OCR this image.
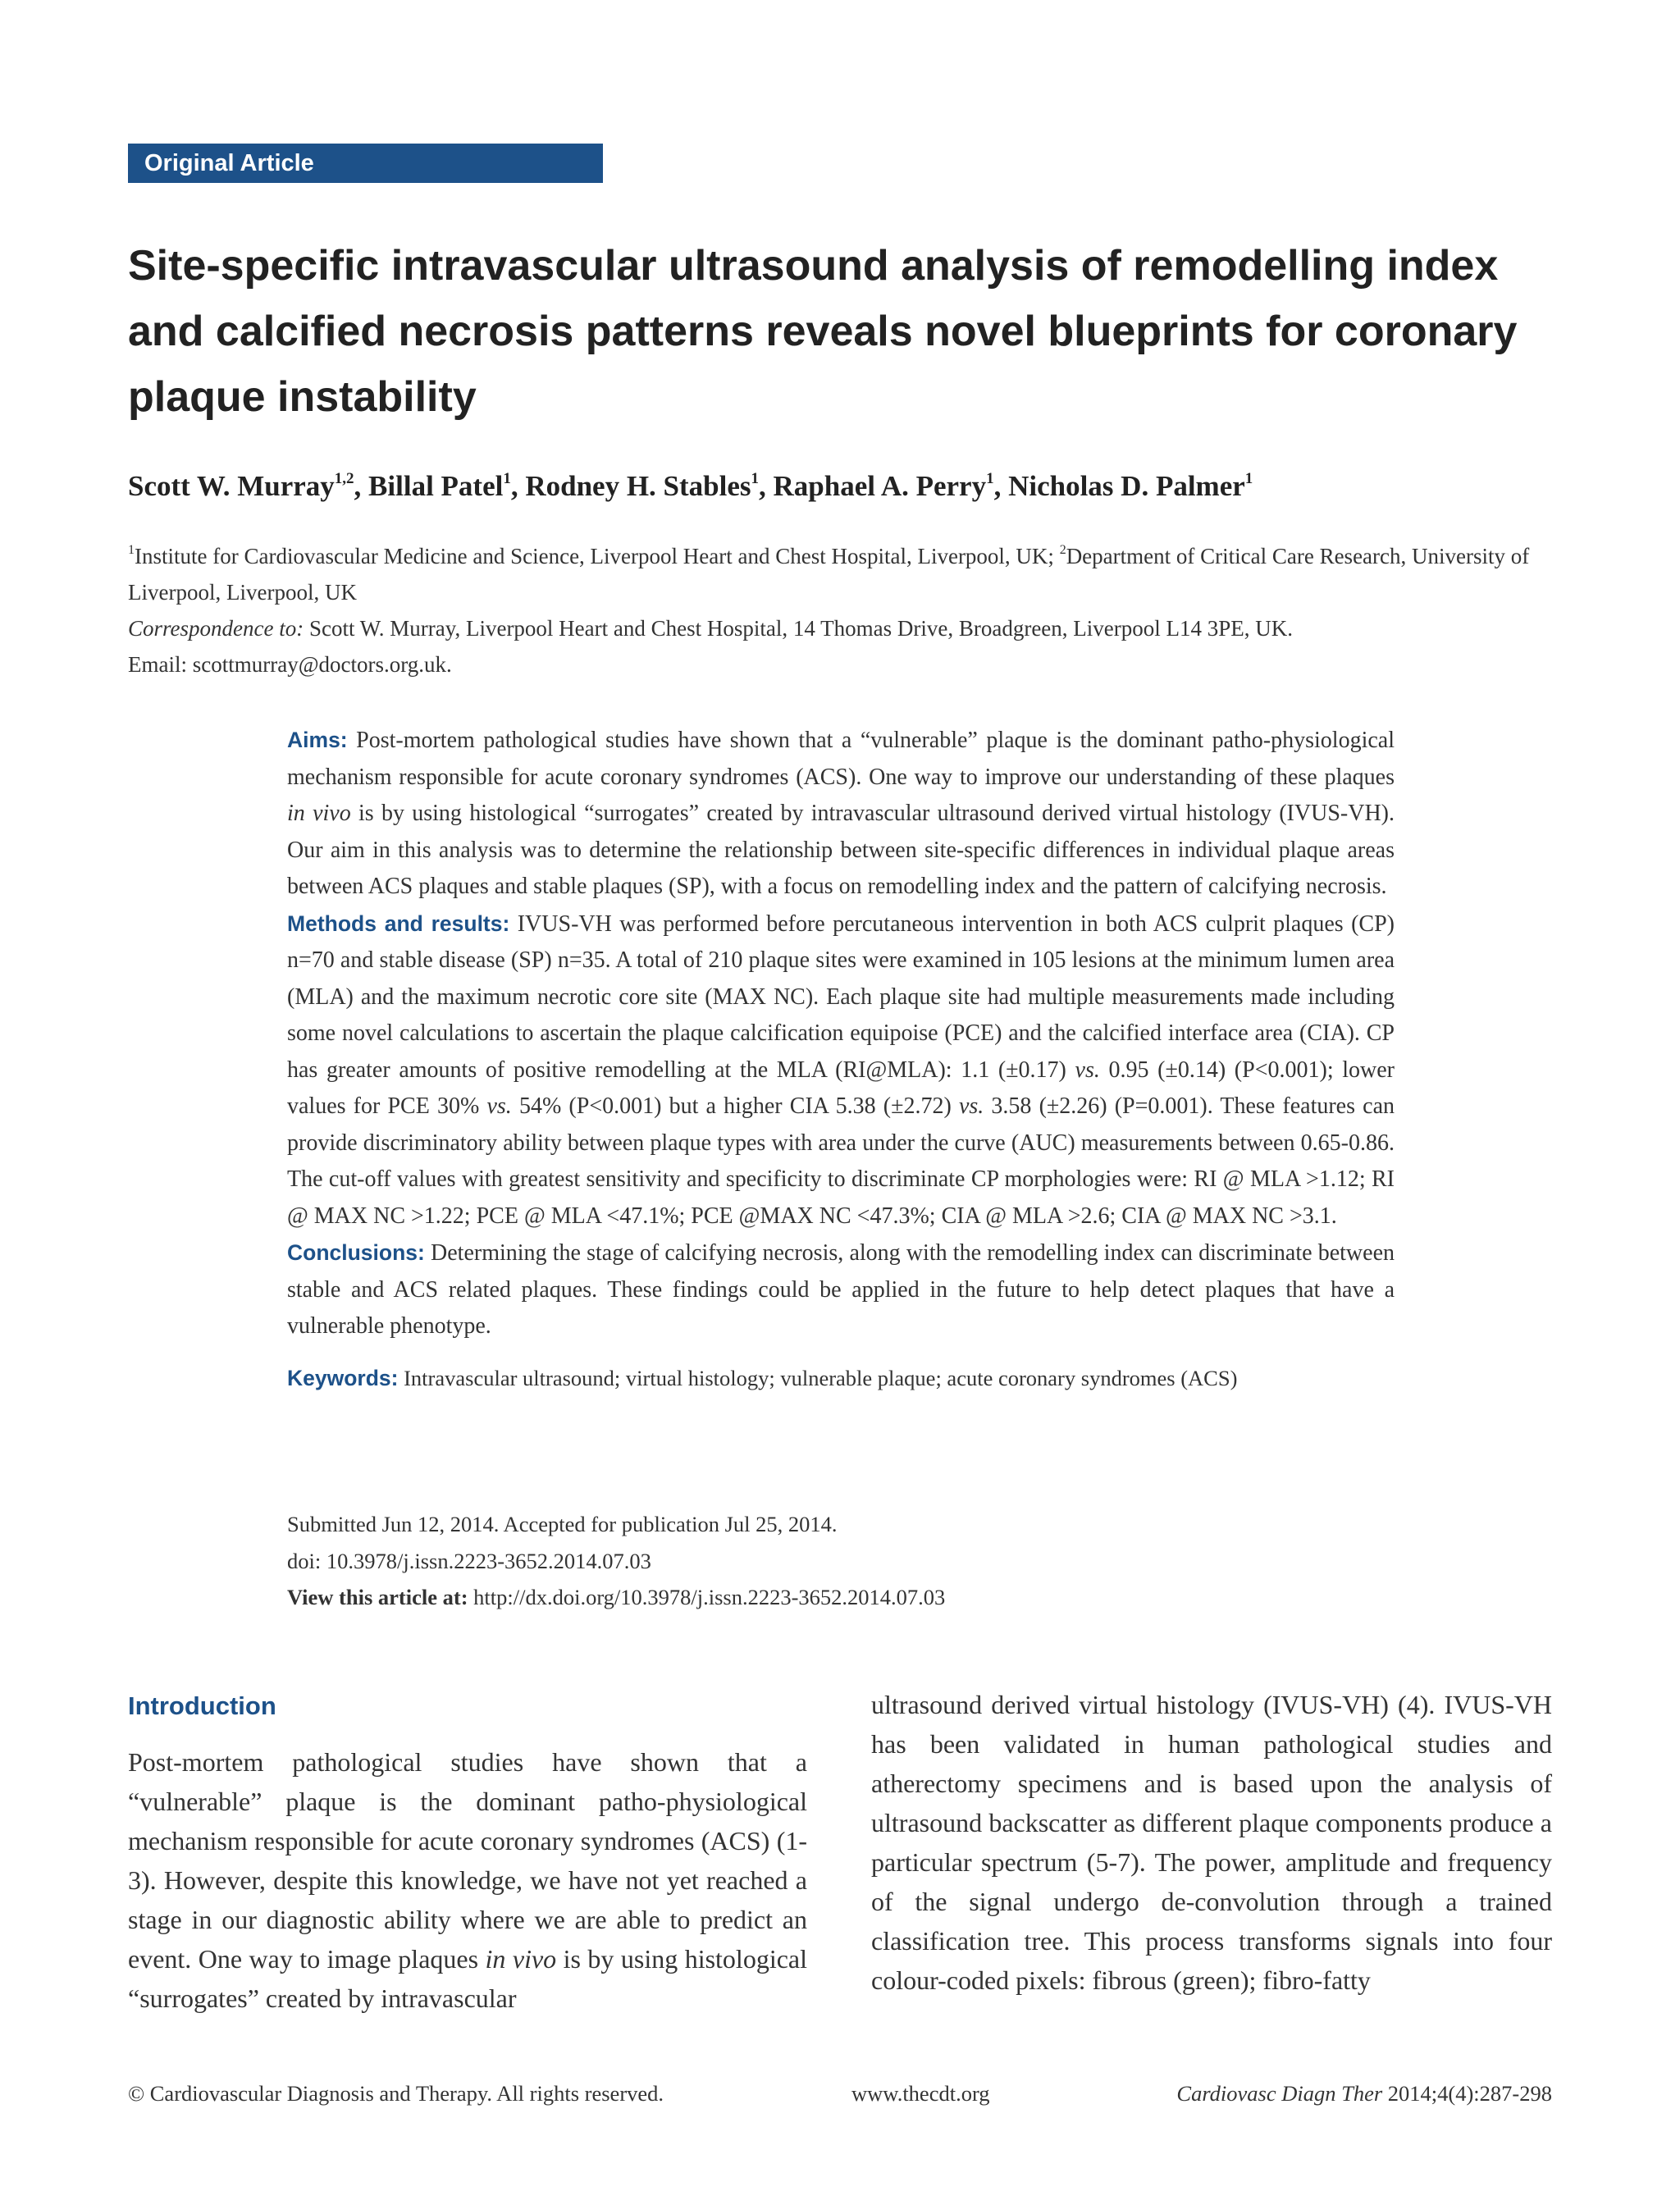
Original Article
Site-specific intravascular ultrasound analysis of remodelling index and calcified necrosis patterns reveals novel blueprints for coronary plaque instability

Scott W. Murray$^{1,2}$, Billal Patel$^1$, Rodney H. Stables$^1$, Raphael A. Perry$^1$, Nicholas D. Palmer$^1$

$^1$Institute for Cardiovascular Medicine and Science, Liverpool Heart and Chest Hospital, Liverpool, UK; $^2$Department of Critical Care Research, University of Liverpool, Liverpool, UK
Correspondence to: Scott W. Murray, Liverpool Heart and Chest Hospital, 14 Thomas Drive, Broadgreen, Liverpool L14 3PE, UK.
Email: scottmurray@doctors.org.uk.

Aims: Post-mortem pathological studies have shown that a “vulnerable” plaque is the dominant patho-physiological mechanism responsible for acute coronary syndromes (ACS). One way to improve our understanding of these plaques in vivo is by using histological “surrogates” created by intravascular ultrasound derived virtual histology (IVUS-VH). Our aim in this analysis was to determine the relationship between site-specific differences in individual plaque areas between ACS plaques and stable plaques (SP), with a focus on remodelling index and the pattern of calcifying necrosis.

Methods and results: IVUS-VH was performed before percutaneous intervention in both ACS culprit plaques (CP) n=70 and stable disease (SP) n=35. A total of 210 plaque sites were examined in 105 lesions at the minimum lumen area (MLA) and the maximum necrotic core site (MAX NC). Each plaque site had multiple measurements made including some novel calculations to ascertain the plaque calcification equipoise (PCE) and the calcified interface area (CIA). CP has greater amounts of positive remodelling at the MLA (RI@MLA): 1.1 (±0.17) vs. 0.95 (±0.14) (P<0.001); lower values for PCE 30% vs. 54% (P<0.001) but a higher CIA 5.38 (±2.72) vs. 3.58 (±2.26) (P=0.001). These features can provide discriminatory ability between plaque types with area under the curve (AUC) measurements between 0.65-0.86. The cut-off values with greatest sensitivity and specificity to discriminate CP morphologies were: RI @ MLA >1.12; RI @ MAX NC >1.22; PCE @ MLA <47.1%; PCE @MAX NC <47.3%; CIA @ MLA >2.6; CIA @ MAX NC >3.1.

Conclusions: Determining the stage of calcifying necrosis, along with the remodelling index can discriminate between stable and ACS related plaques. These findings could be applied in the future to help detect plaques that have a vulnerable phenotype.

Keywords: Intravascular ultrasound; virtual histology; vulnerable plaque; acute coronary syndromes (ACS)

Submitted Jun 12, 2014. Accepted for publication Jul 25, 2014.

doi: 10.3978/j.issn.2223-3652.2014.07.03

View this article at: http://dx.doi.org/10.3978/j.issn.2223-3652.2014.07.03

Introduction

Post-mortem pathological studies have shown that a “vulnerable” plaque is the dominant patho-physiological mechanism responsible for acute coronary syndromes (ACS) (1-3). However, despite this knowledge, we have not yet reached a stage in our diagnostic ability where we are able to predict an event. One way to image plaques in vivo is by using histological “surrogates” created by intravascular

ultrasound derived virtual histology (IVUS-VH) (4). IVUS-VH has been validated in human pathological studies and atherectomy specimens and is based upon the analysis of ultrasound backscatter as different plaque components produce a particular spectrum (5-7). The power, amplitude and frequency of the signal undergo de-convolution through a trained classification tree. This process transforms signals into four colour-coded pixels: fibrous (green); fibro-fatty

© Cardiovascular Diagnosis and Therapy. All rights reserved.	www.thecdt.org	Cardiovasc Diagn Ther 2014;4(4):287-298
